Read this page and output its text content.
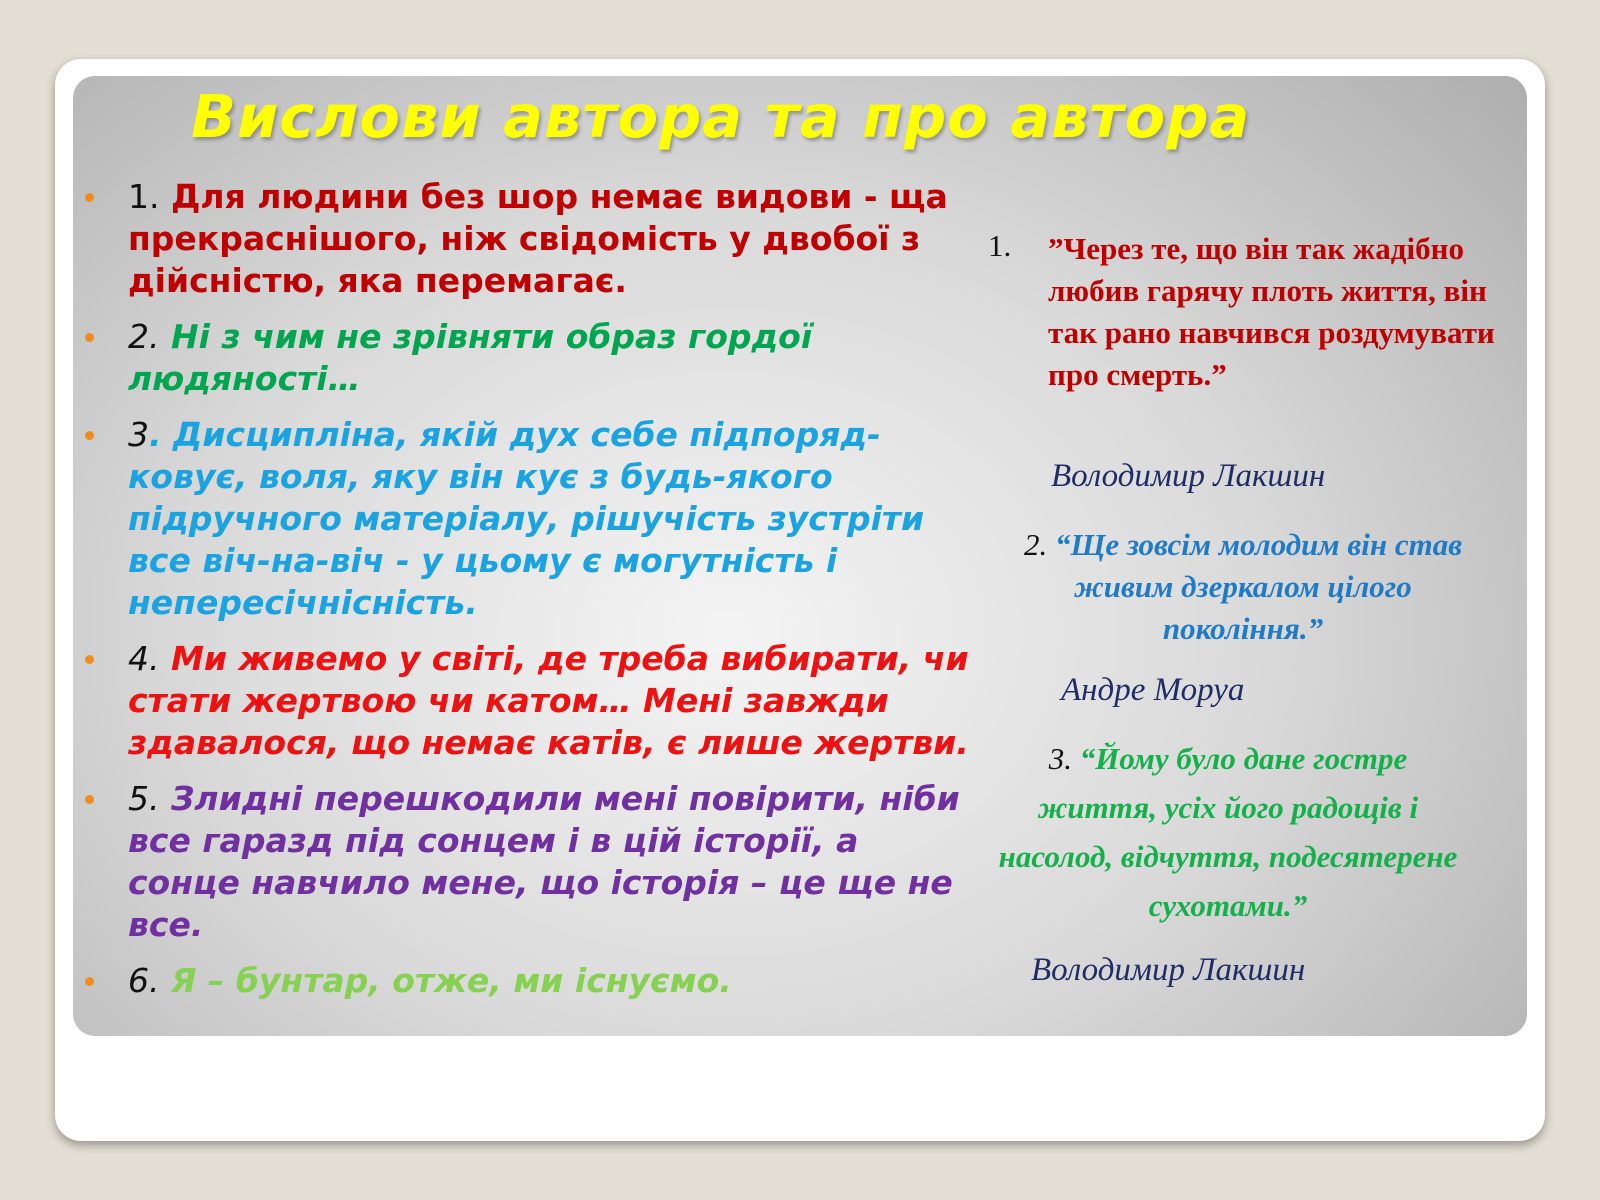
Вислови автора та про автора
1. Для людини без шор немає видови - ща прекраснішого, ніж свідомість у двобої з дійсністю, яка перемагає.
2. Ні з чим не зрівняти образ гордої людяності…
3. Дисципліна, якій дух себе підпоряд-ковує, воля, яку він кує з будь-якого підручного матеріалу, рішучість зустріти все віч-на-віч - у цьому є могутність і непересічнісність.
4. Ми живемо у світі, де треба вибирати, чи стати жертвою чи катом… Мені завжди здавалося, що немає катів, є лише жертви.
5. Злидні перешкодили мені повірити, ніби все гаразд під сонцем і в цій історії, а сонце навчило мене, що історія – це ще не все.
6. Я – бунтар, отже, ми існуємо.
1. ”Через те, що він так жадібно любив гарячу плоть життя, він так рано навчився роздумувати про смерть.”
Володимир Лакшин
2. “Ще зовсім молодим він став живим дзеркалом цілого покоління.”
Андре Моруа
3. “Йому було дане гостре життя, усіх його радощів і насолод, відчуття, подесятерене сухотами.”
Володимир Лакшин
